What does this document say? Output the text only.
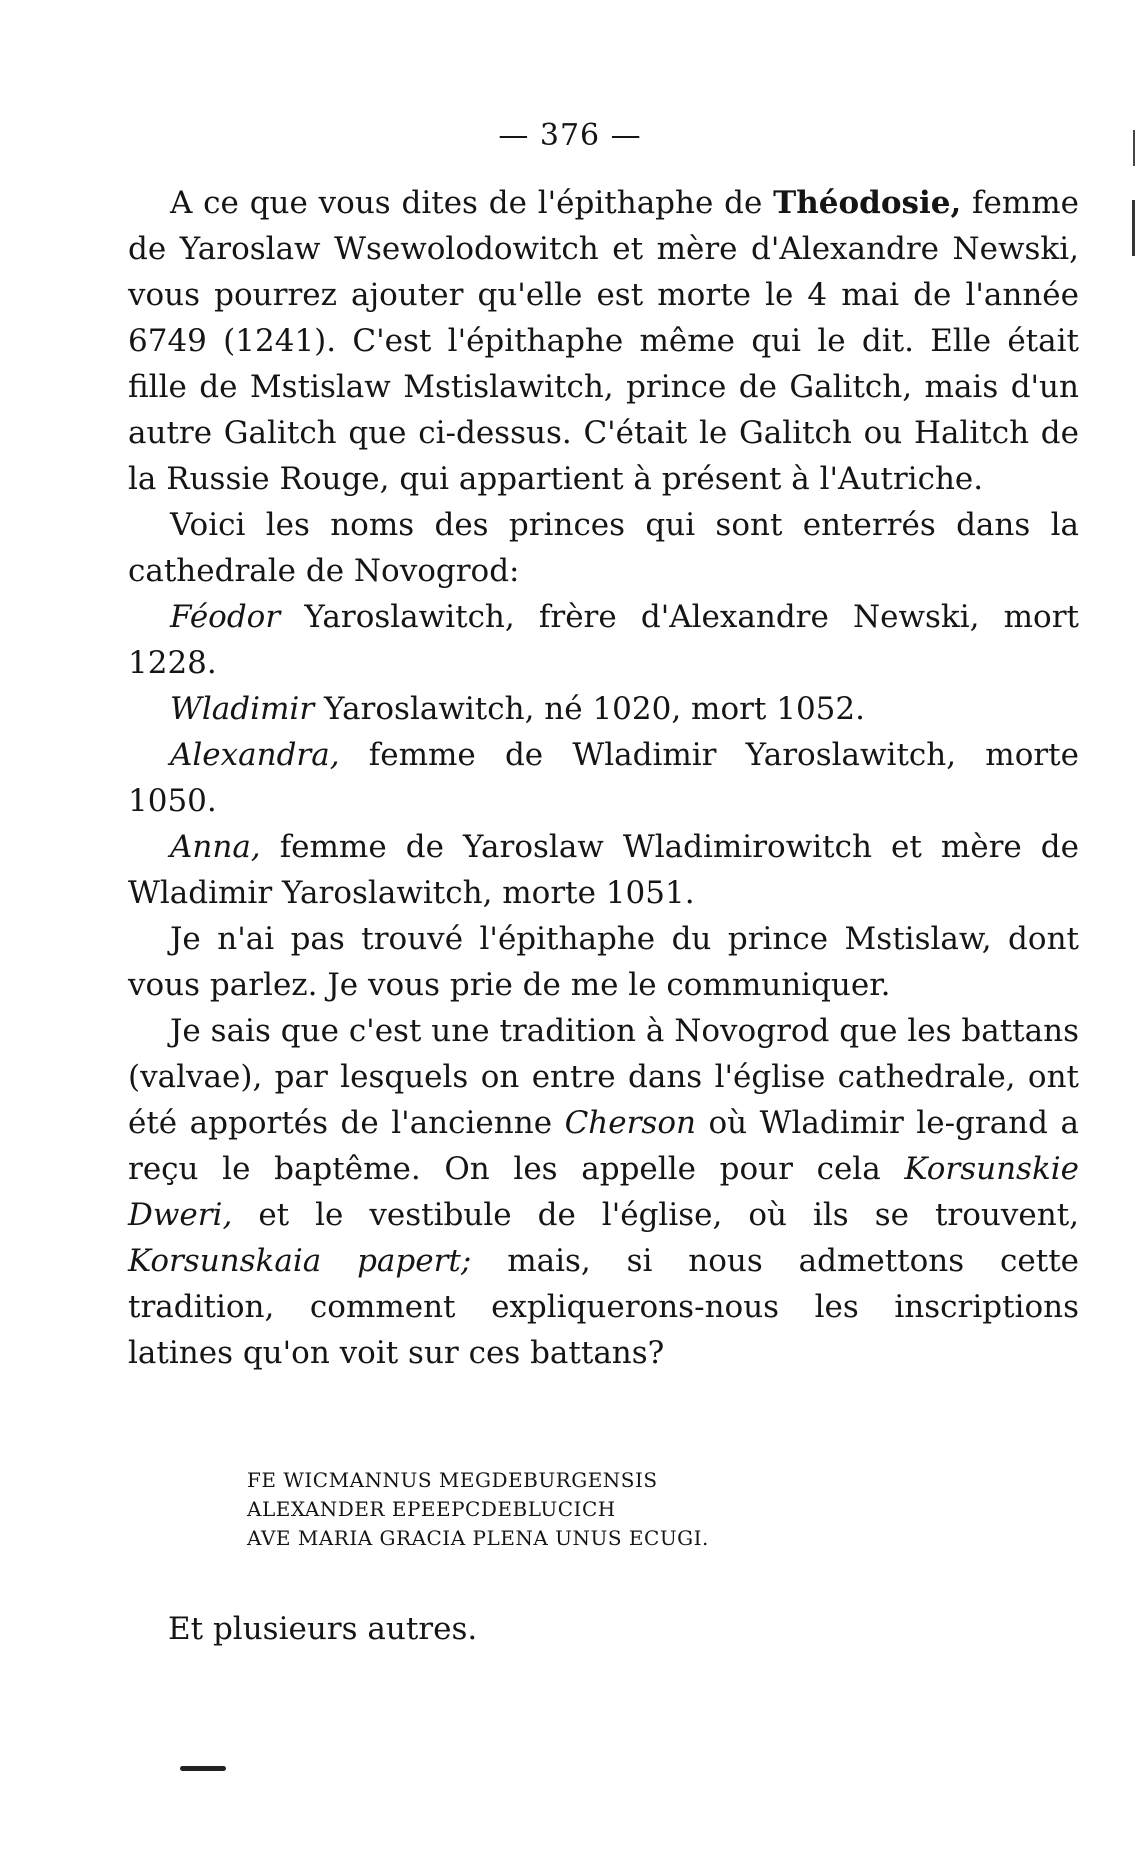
— 376 —

A ce que vous dites de l'épithaphe de Théodosie, femme de Yaroslaw Wsewolodowitch et mère d'Alexandre Newski, vous pourrez ajouter qu'elle est morte le 4 mai de l'année 6749 (1241). C'est l'épithaphe même qui le dit. Elle était fille de Mstislaw Mstislawitch, prince de Galitch, mais d'un autre Galitch que ci-dessus. C'était le Galitch ou Halitch de la Russie Rouge, qui appartient à présent à l'Autriche.

Voici les noms des princes qui sont enterrés dans la cathedrale de Novogrod:

Féodor Yaroslawitch, frère d'Alexandre Newski, mort 1228.

Wladimir Yaroslawitch, né 1020, mort 1052.

Alexandra, femme de Wladimir Yaroslawitch, morte 1050.

Anna, femme de Yaroslaw Wladimirowitch et mère de Wladimir Yaroslawitch, morte 1051.

Je n'ai pas trouvé l'épithaphe du prince Mstislaw, dont vous parlez. Je vous prie de me le communiquer.

Je sais que c'est une tradition à Novogrod que les battans (valvae), par lesquels on entre dans l'église cathedrale, ont été apportés de l'ancienne Cherson où Wladimir le-grand a reçu le baptême. On les appelle pour cela Korsunskie Dweri, et le vestibule de l'église, où ils se trouvent, Korsunskaia papert; mais, si nous admettons cette tradition, comment expliquerons-nous les inscriptions latines qu'on voit sur ces battans?

FE WICMANNUS MEGDEBURGENSIS
ALEXANDER EPEEPCDEBLUCICH
AVE MARIA GRACIA PLENA UNUS ECUGI.
Et plusieurs autres.
